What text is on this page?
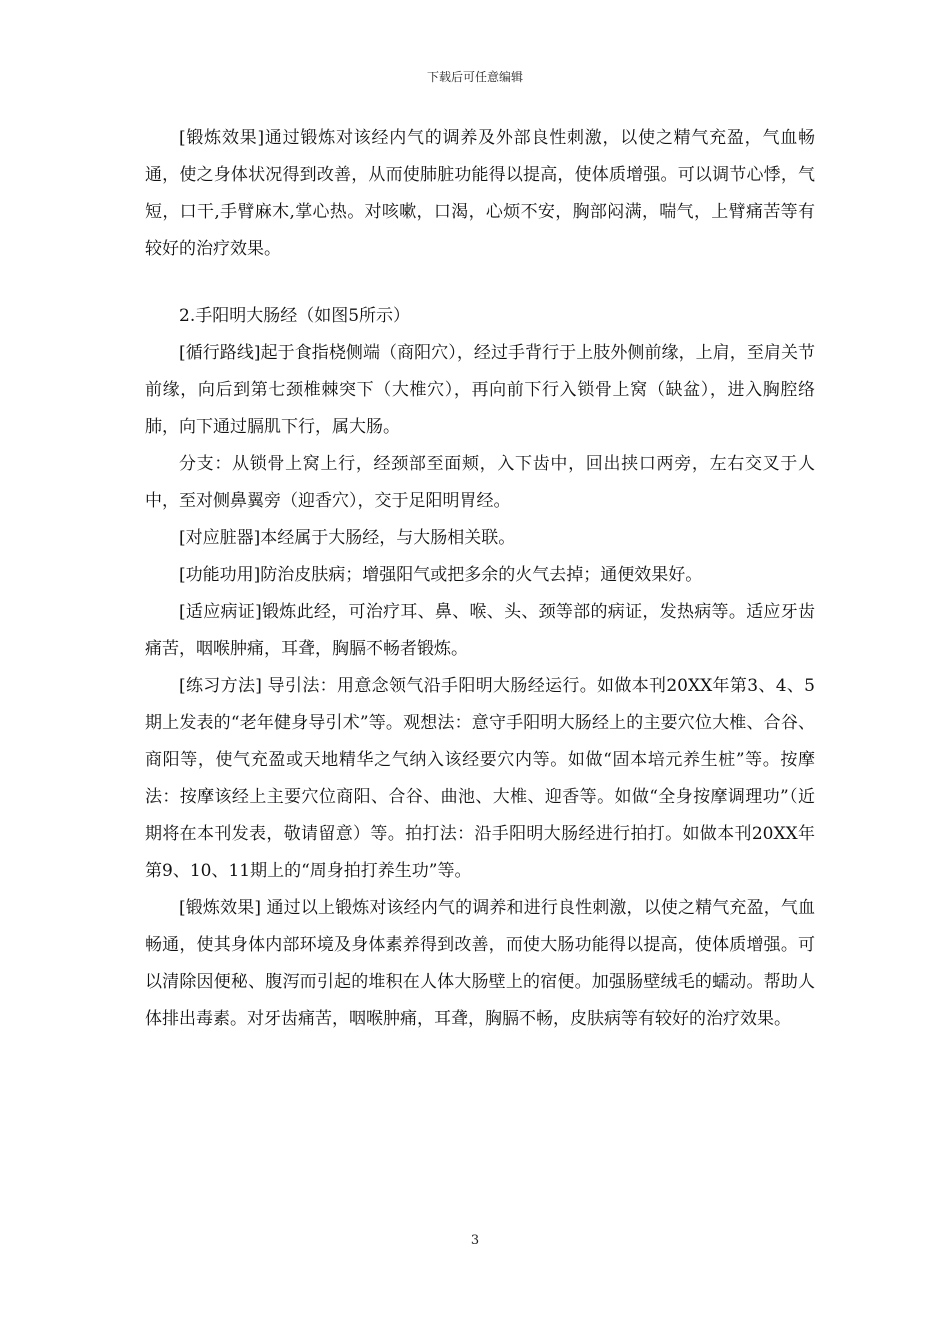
下载后可任意编辑

[锻炼效果]通过锻炼对该经内气的调养及外部良性刺激，以使之精气充盈，气血畅通，使之身体状况得到改善，从而使肺脏功能得以提高，使体质增强。可以调节心悸，气短，口干,手臂麻木,掌心热。对咳嗽，口渴，心烦不安，胸部闷满，喘气，上臂痛苦等有较好的治疗效果。

2.手阳明大肠经（如图5所示）

[循行路线]起于食指桡侧端（商阳穴），经过手背行于上肢外侧前缘，上肩，至肩关节前缘，向后到第七颈椎棘突下（大椎穴），再向前下行入锁骨上窝（缺盆），进入胸腔络肺，向下通过膈肌下行，属大肠。

分支：从锁骨上窝上行，经颈部至面颊，入下齿中，回出挟口两旁，左右交叉于人中，至对侧鼻翼旁（迎香穴），交于足阳明胃经。

[对应脏器]本经属于大肠经，与大肠相关联。

[功能功用]防治皮肤病；增强阳气或把多余的火气去掉；通便效果好。

[适应病证]锻炼此经，可治疗耳、鼻、喉、头、颈等部的病证，发热病等。适应牙齿痛苦，咽喉肿痛，耳聋，胸膈不畅者锻炼。

[练习方法] 导引法：用意念领气沿手阳明大肠经运行。如做本刊20XX年第3、4、5期上发表的“老年健身导引术”等。观想法：意守手阳明大肠经上的主要穴位大椎、合谷、商阳等，使气充盈或天地精华之气纳入该经要穴内等。如做“固本培元养生桩”等。按摩法：按摩该经上主要穴位商阳、合谷、曲池、大椎、迎香等。如做“全身按摩调理功”（近期将在本刊发表，敬请留意）等。拍打法：沿手阳明大肠经进行拍打。如做本刊20XX年第9、10、11期上的“周身拍打养生功”等。

[锻炼效果] 通过以上锻炼对该经内气的调养和进行良性刺激，以使之精气充盈，气血畅通，使其身体内部环境及身体素养得到改善，而使大肠功能得以提高，使体质增强。可以清除因便秘、腹泻而引起的堆积在人体大肠壁上的宿便。加强肠壁绒毛的蠕动。帮助人体排出毒素。对牙齿痛苦，咽喉肿痛，耳聋，胸膈不畅，皮肤病等有较好的治疗效果。

3
